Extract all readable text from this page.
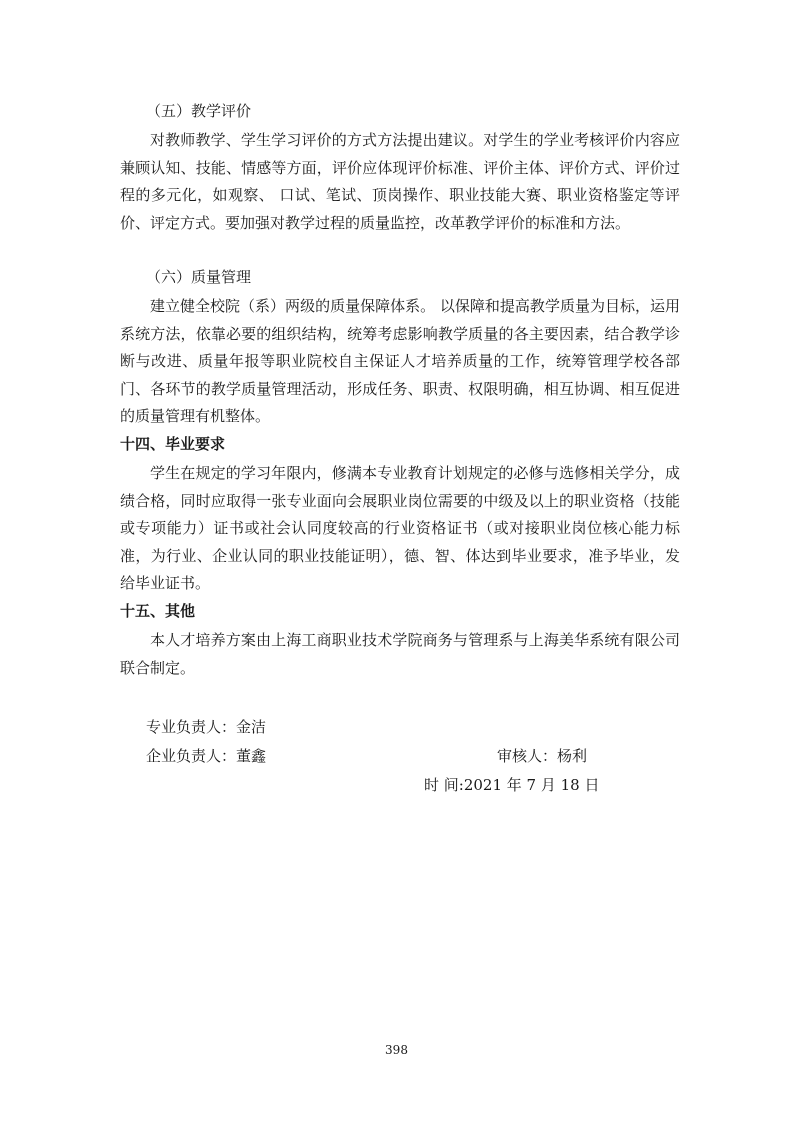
（五）教学评价

对教师教学、学生学习评价的方式方法提出建议。对学生的学业考核评价内容应兼顾认知、技能、情感等方面，评价应体现评价标准、评价主体、评价方式、评价过程的多元化，如观察、 口试、笔试、顶岗操作、职业技能大赛、职业资格鉴定等评价、评定方式。要加强对教学过程的质量监控，改革教学评价的标准和方法。

（六）质量管理

建立健全校院（系）两级的质量保障体系。 以保障和提高教学质量为目标，运用系统方法，依靠必要的组织结构，统筹考虑影响教学质量的各主要因素，结合教学诊断与改进、质量年报等职业院校自主保证人才培养质量的工作，统筹管理学校各部门、各环节的教学质量管理活动，形成任务、职责、权限明确，相互协调、相互促进的质量管理有机整体。

十四、毕业要求

学生在规定的学习年限内，修满本专业教育计划规定的必修与选修相关学分，成绩合格，同时应取得一张专业面向会展职业岗位需要的中级及以上的职业资格（技能或专项能力）证书或社会认同度较高的行业资格证书（或对接职业岗位核心能力标准，为行业、企业认同的职业技能证明），德、智、体达到毕业要求，准予毕业，发给毕业证书。

十五、其他

本人才培养方案由上海工商职业技术学院商务与管理系与上海美华系统有限公司联合制定。

专业负责人：金洁
企业负责人：董鑫	审核人：杨利
时 间:2021 年 7 月 18 日
398
